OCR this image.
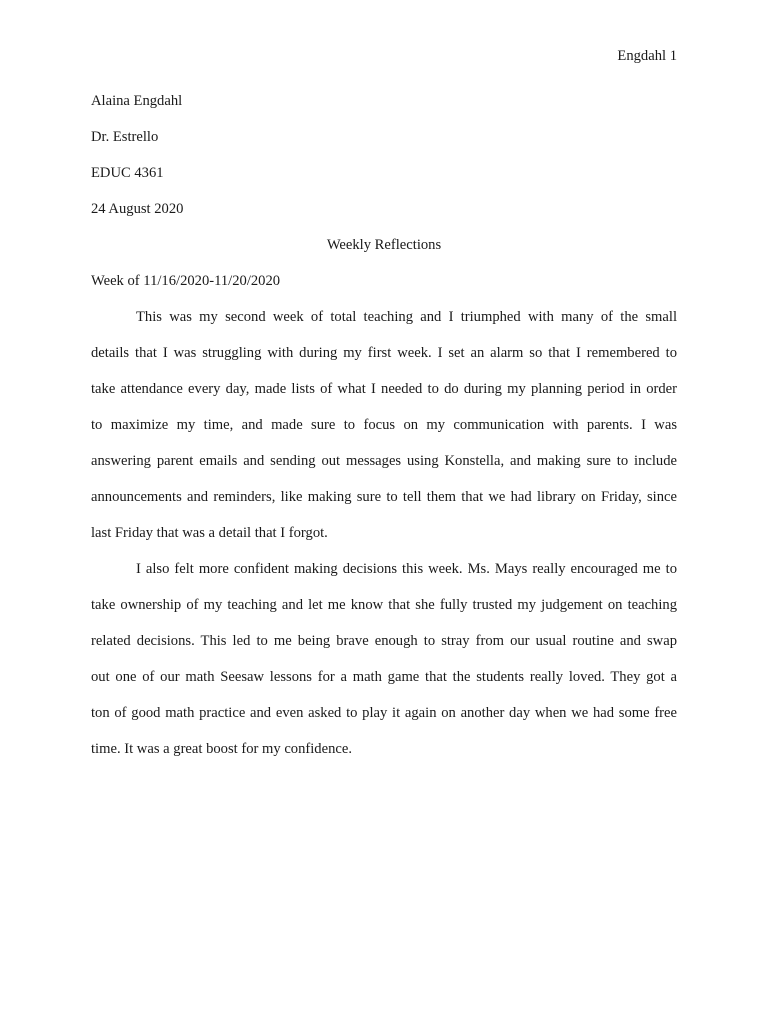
Engdahl 1
Alaina Engdahl
Dr. Estrello
EDUC 4361
24 August 2020
Weekly Reflections
Week of 11/16/2020-11/20/2020
This was my second week of total teaching and I triumphed with many of the small
details that I was struggling with during my first week. I set an alarm so that I remembered to
take attendance every day, made lists of what I needed to do during my planning period in order
to maximize my time, and made sure to focus on my communication with parents. I was
answering parent emails and sending out messages using Konstella, and making sure to include
announcements and reminders, like making sure to tell them that we had library on Friday, since
last Friday that was a detail that I forgot.
I also felt more confident making decisions this week. Ms. Mays really encouraged me to
take ownership of my teaching and let me know that she fully trusted my judgement on teaching
related decisions. This led to me being brave enough to stray from our usual routine and swap
out one of our math Seesaw lessons for a math game that the students really loved. They got a
ton of good math practice and even asked to play it again on another day when we had some free
time. It was a great boost for my confidence.
